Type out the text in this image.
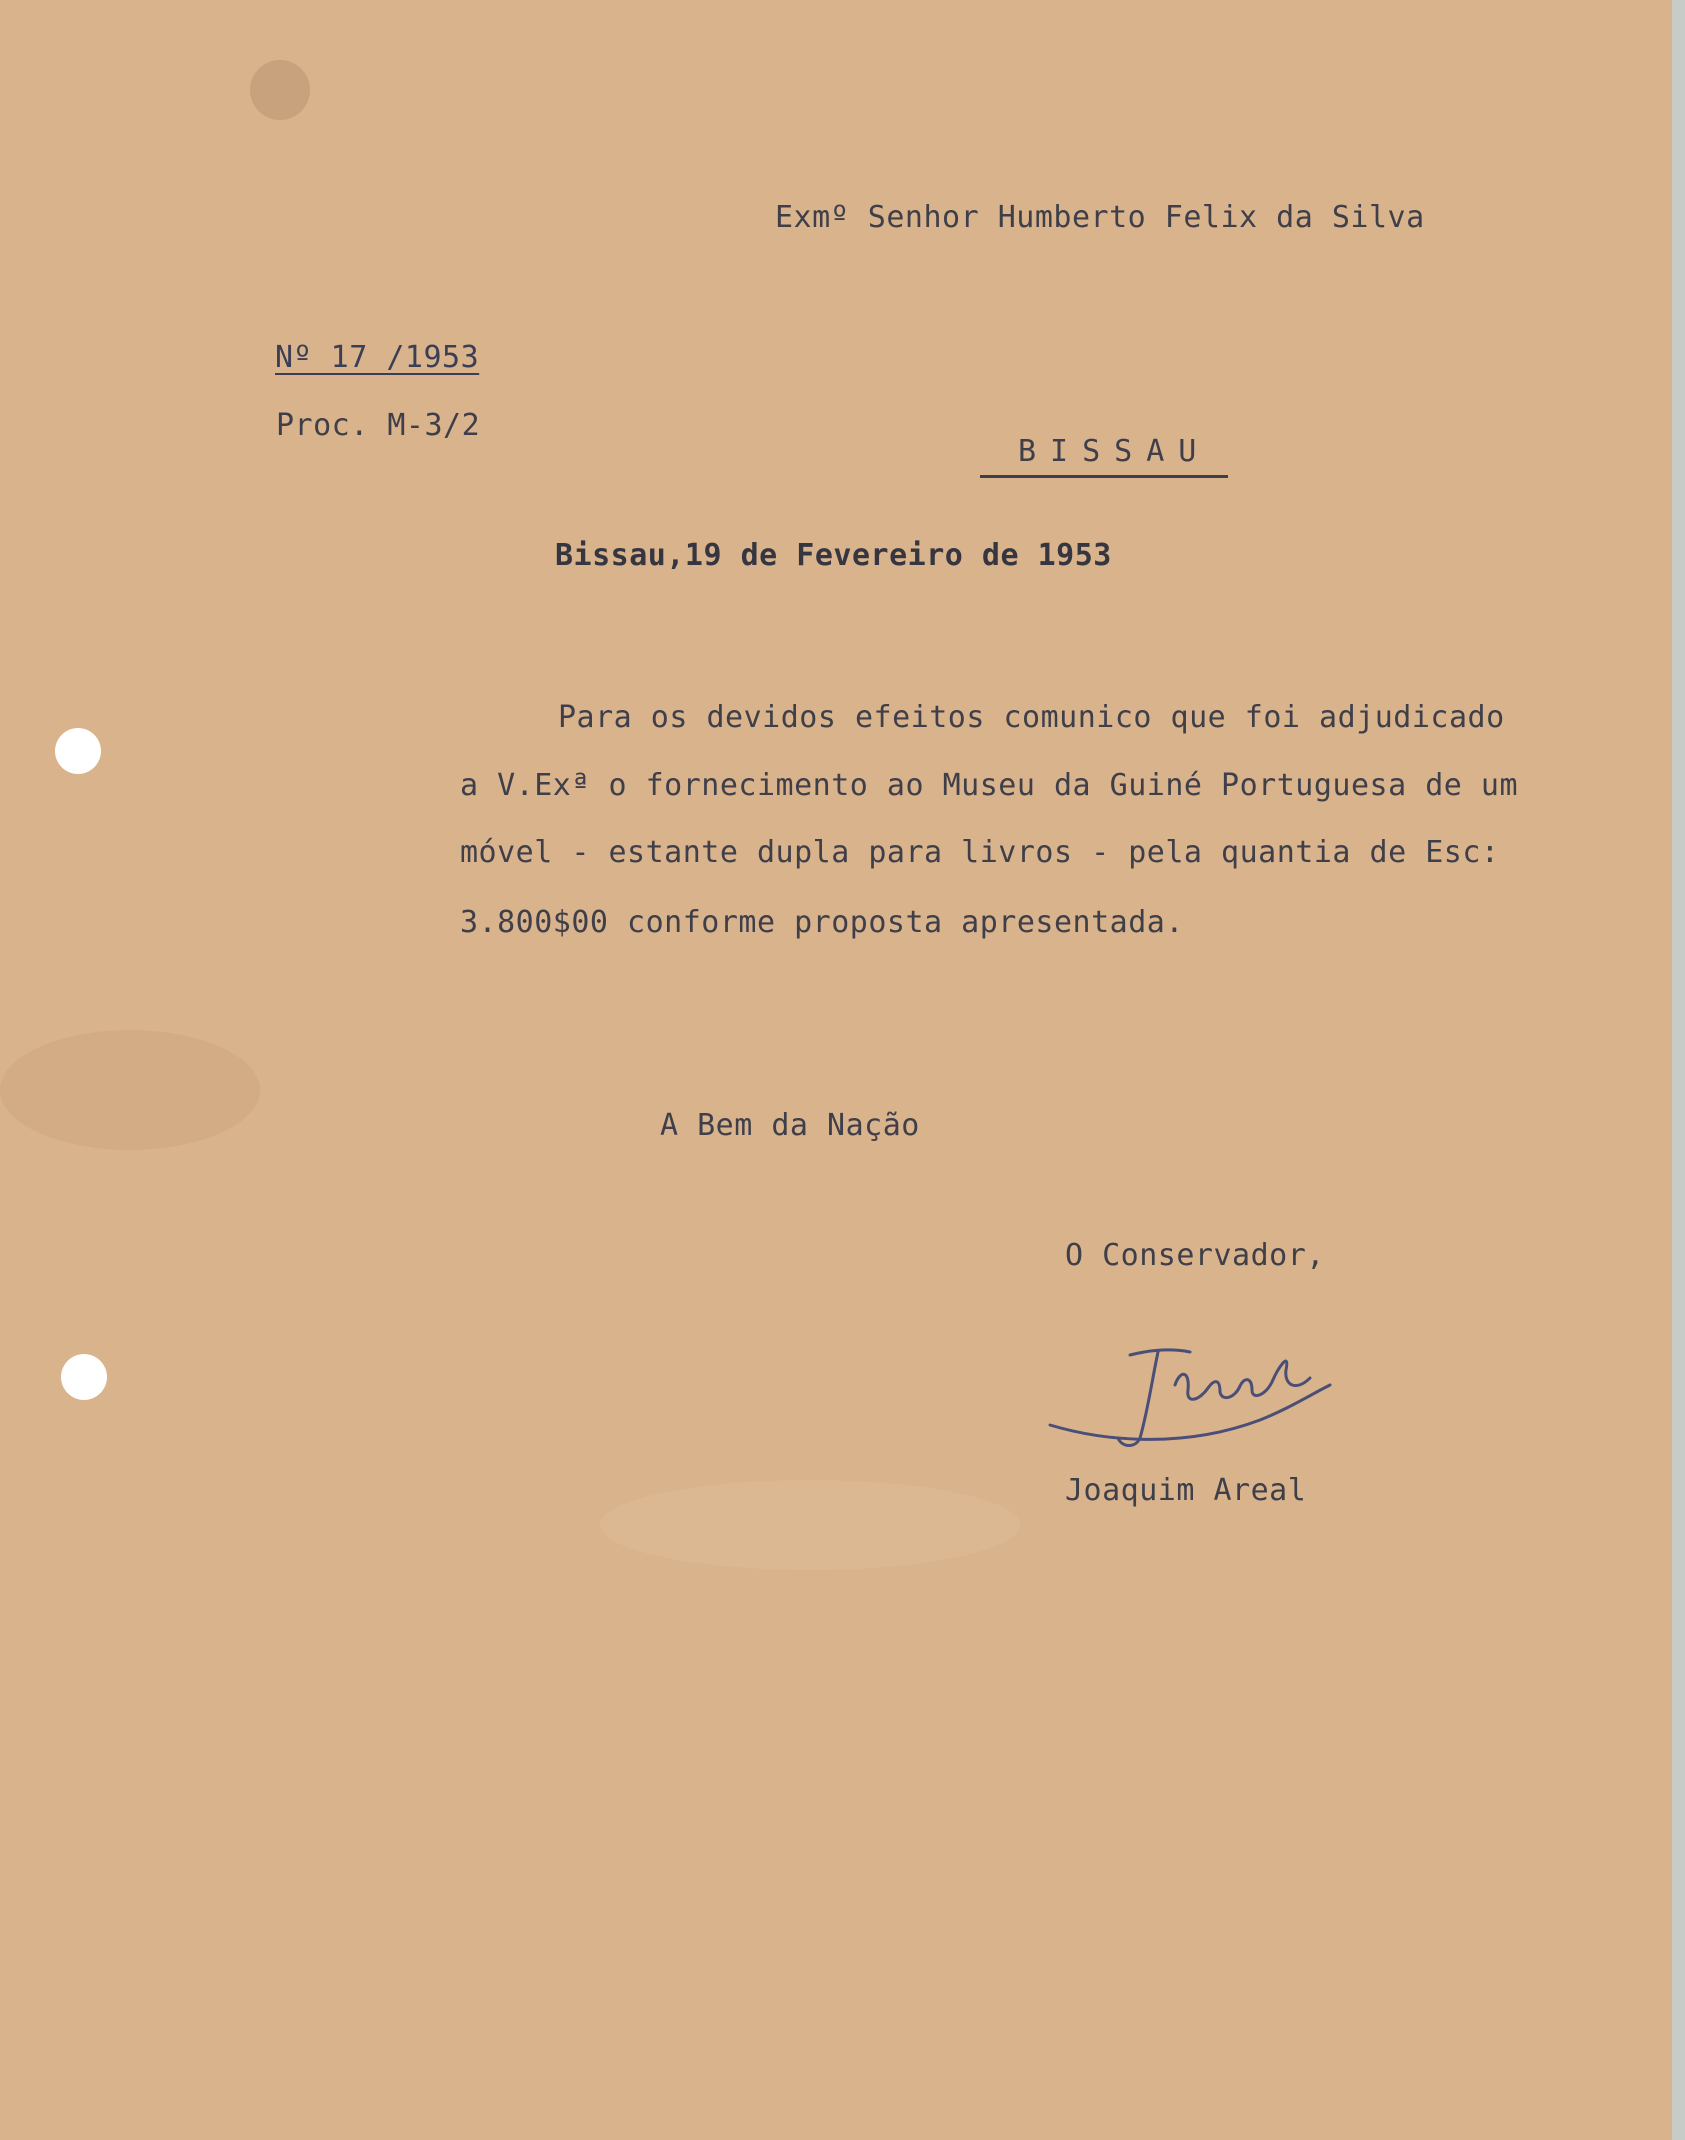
Exmº Senhor Humberto Felix da Silva
Nº 17 /1953
Proc. M-3/2
BISSAU
Bissau,19 de Fevereiro de 1953
Para os devidos efeitos comunico que foi adjudicado
a V.Exª o fornecimento ao Museu da Guiné Portuguesa de um
móvel - estante dupla para livros - pela quantia de Esc:
3.800$00 conforme proposta apresentada.
A Bem da Nação
O Conservador,
Joaquim Areal
